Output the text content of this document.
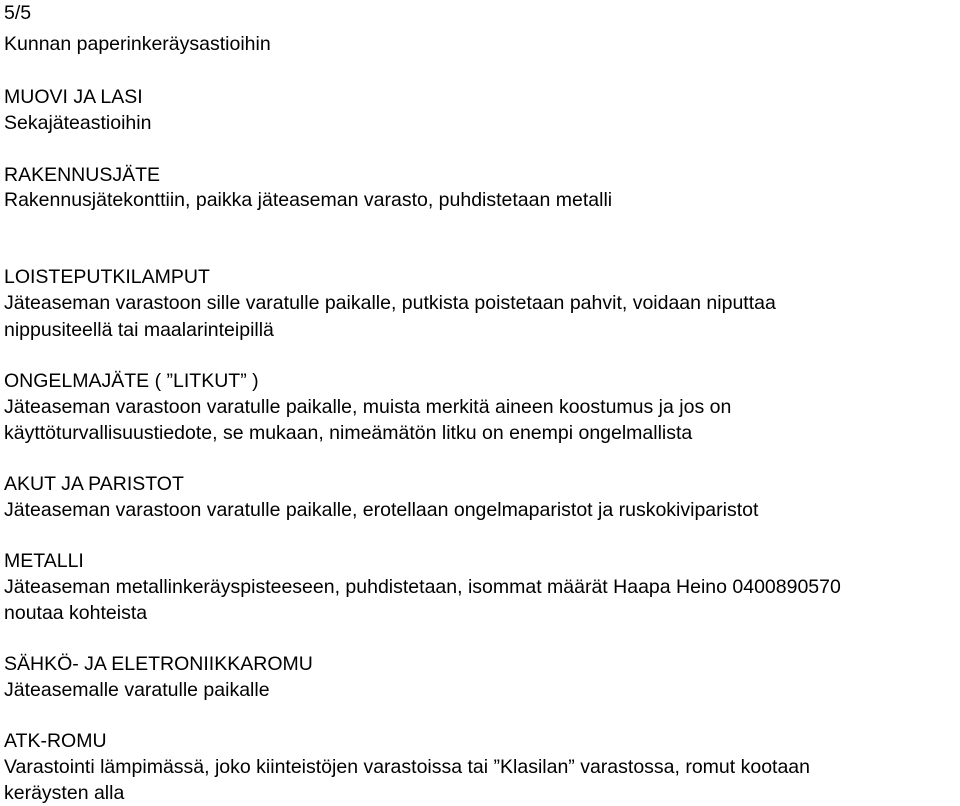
5/5
Kunnan paperinkeräysastioihin
MUOVI JA LASI
Sekajäteastioihin
RAKENNUSJÄTE
Rakennusjätekonttiin, paikka jäteaseman varasto, puhdistetaan metalli
LOISTEPUTKILAMPUT
Jäteaseman varastoon sille varatulle paikalle, putkista poistetaan pahvit, voidaan niputtaa
nippusiteellä tai maalarinteipillä
ONGELMAJÄTE ( ”LITKUT” )
Jäteaseman varastoon varatulle paikalle, muista merkitä aineen koostumus ja jos on
käyttöturvallisuustiedote, se mukaan, nimeämätön litku on enempi ongelmallista
AKUT JA PARISTOT
Jäteaseman varastoon varatulle paikalle, erotellaan ongelmaparistot ja ruskokiviparistot
METALLI
Jäteaseman metallinkeräyspisteeseen, puhdistetaan, isommat määrät Haapa Heino 0400890570
noutaa kohteista
SÄHKÖ- JA ELETRONIIKKAROMU
Jäteasemalle varatulle paikalle
ATK-ROMU
Varastointi lämpimässä, joko kiinteistöjen varastoissa tai ”Klasilan” varastossa, romut kootaan
keräysten alla
